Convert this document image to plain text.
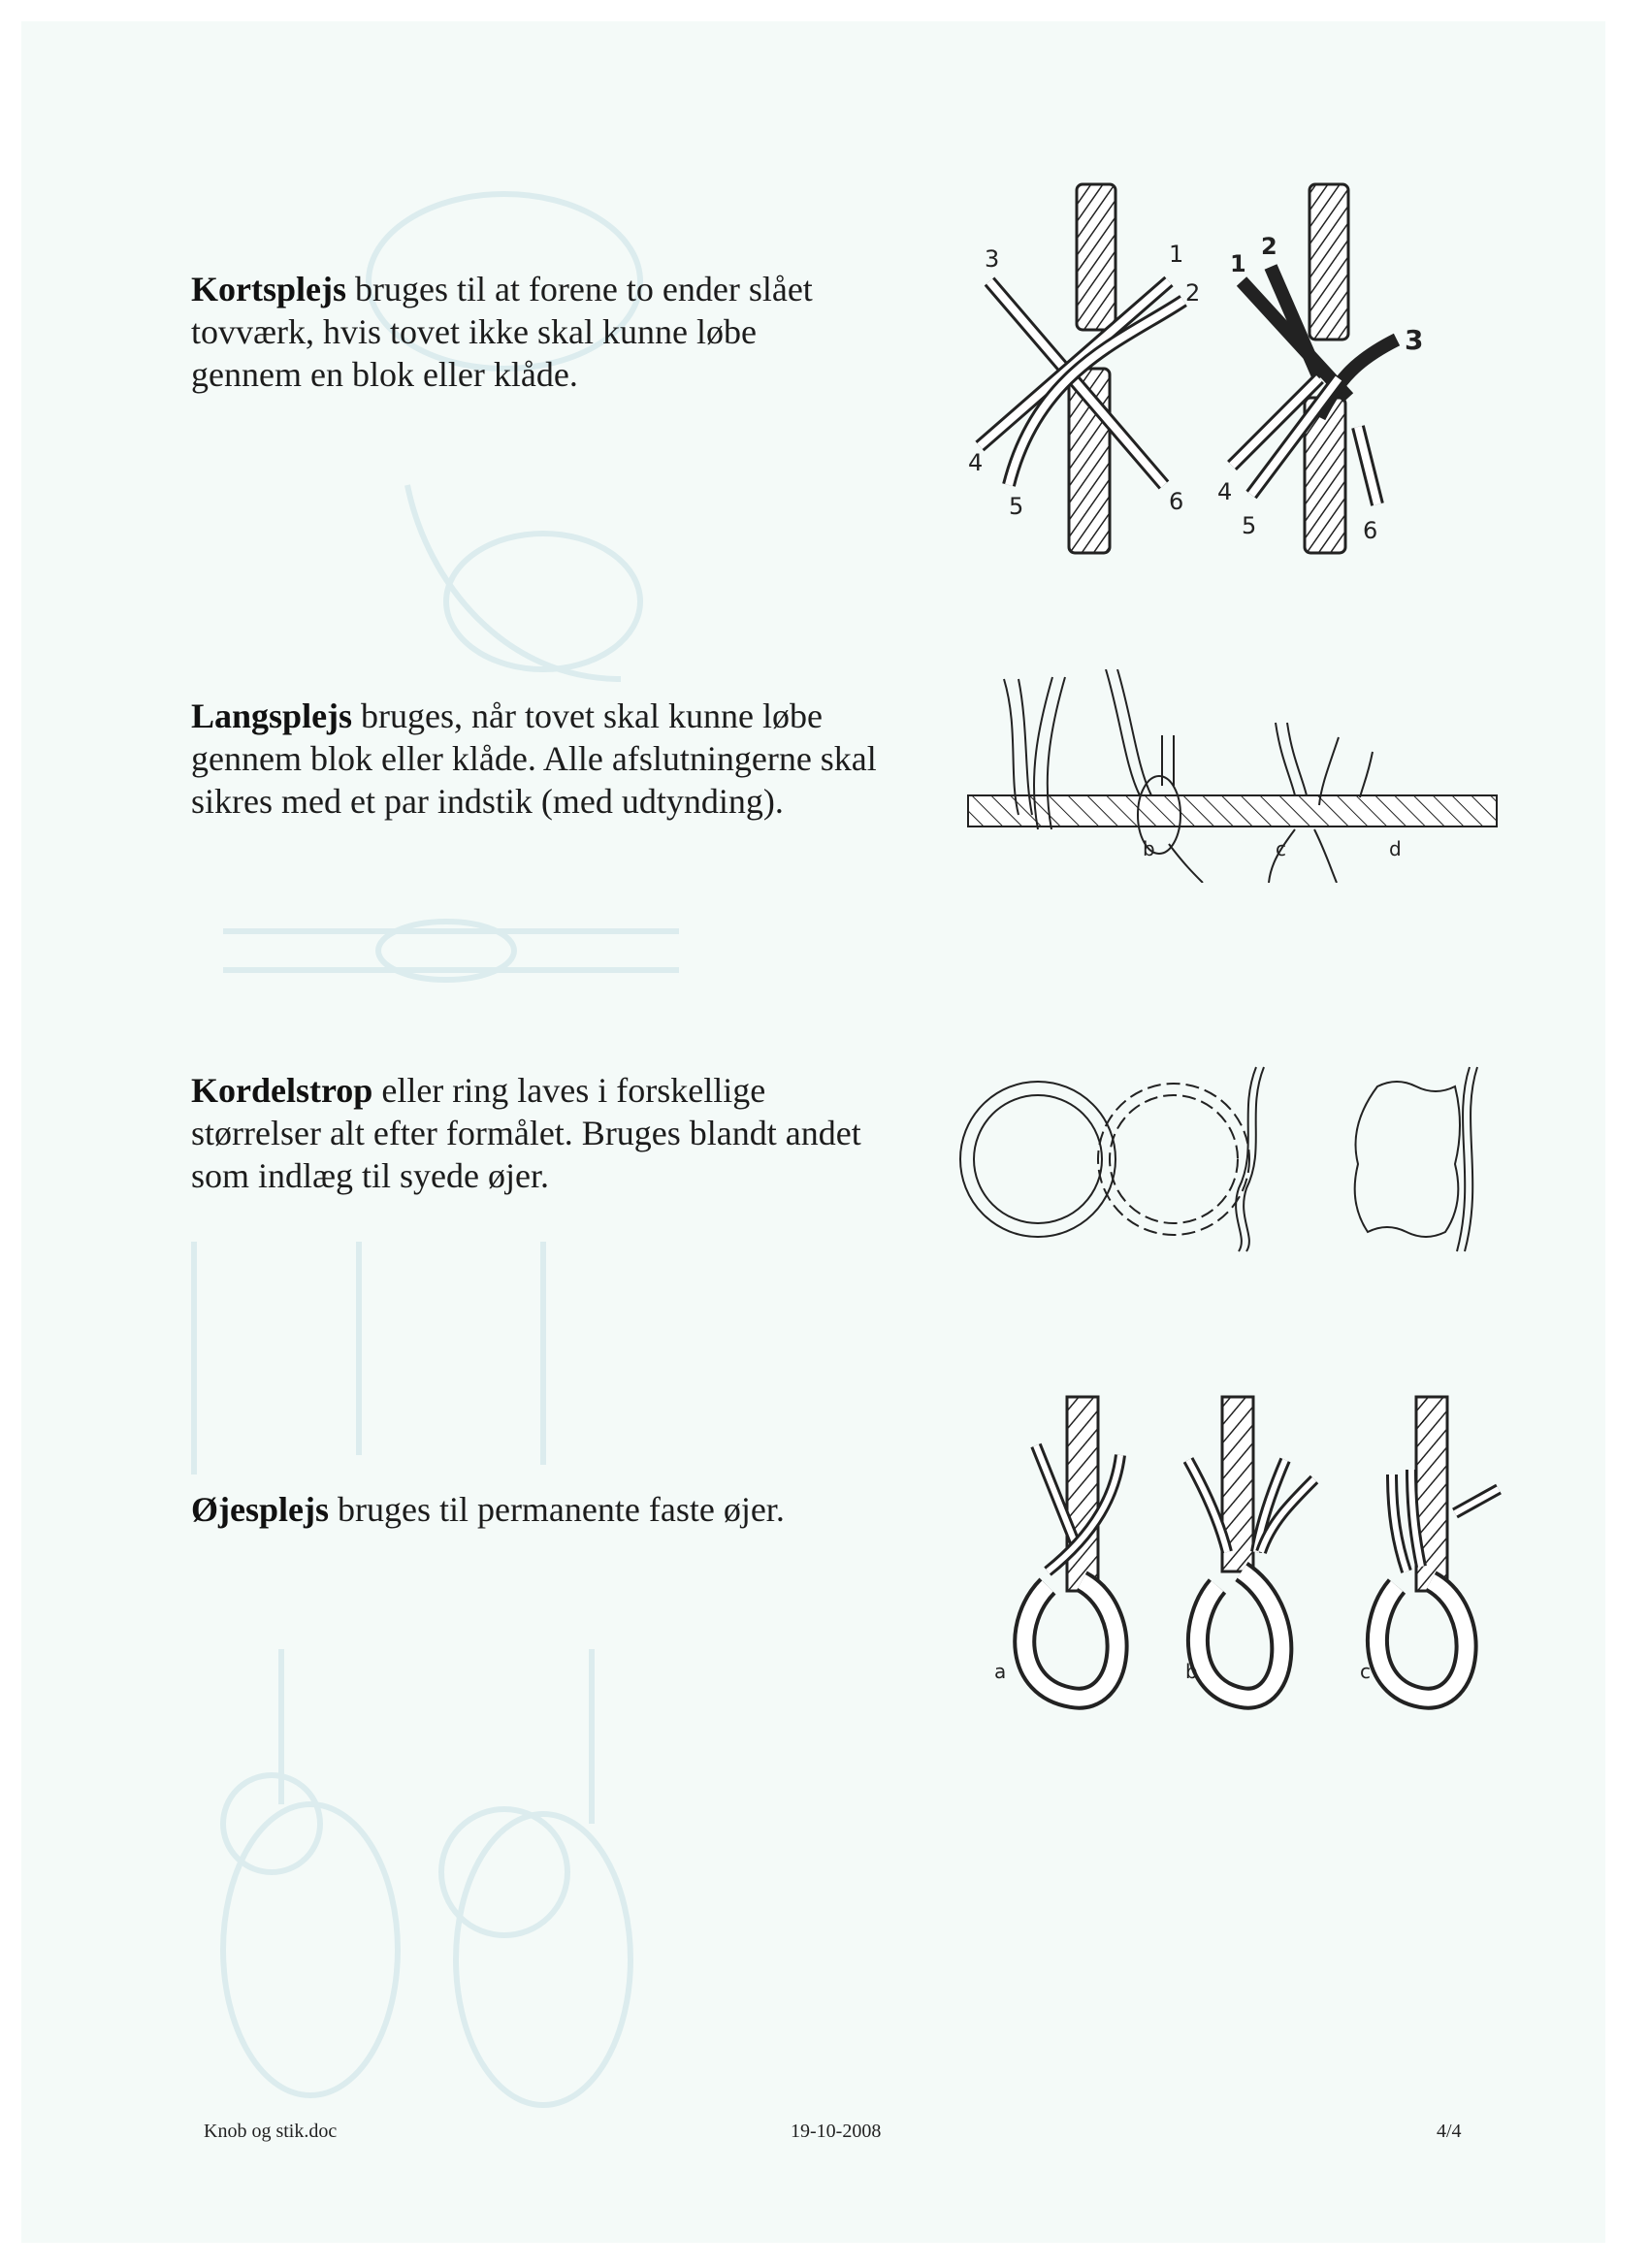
Kortsplejs bruges til at forene to ender slået tovværk, hvis tovet ikke skal kunne løbe gennem en blok eller klåde.
Langsplejs bruges, når tovet skal kunne løbe gennem blok eller klåde. Alle afslutningerne skal sikres med et par indstik (med udtynding).
Kordelstrop eller ring laves i forskellige størrelser alt efter formålet. Bruges blandt andet som indlæg til syede øjer.
Øjesplejs bruges til permanente faste øjer.
3	1
2
4
5	6
1
2
3
4
5	6
b	c	d
a	b	c
Knob og stik.doc	19-10-2008	4/4
